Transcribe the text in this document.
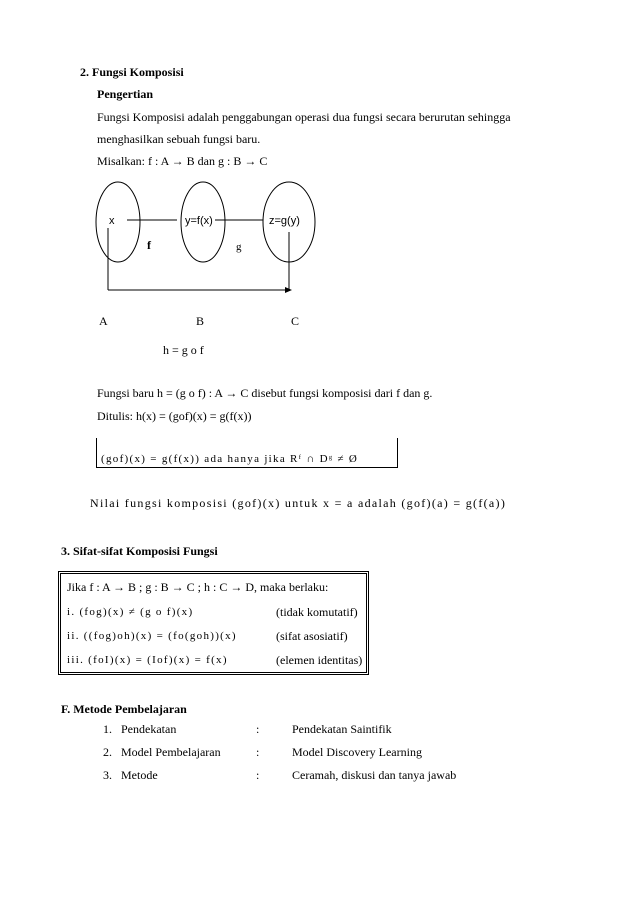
2. Fungsi Komposisi
Pengertian
Fungsi Komposisi adalah penggabungan operasi dua fungsi secara berurutan sehingga
menghasilkan sebuah fungsi baru.
Misalkan: f : A → B dan g : B → C
x	y=f(x)	z=g(y)
f	g
A	B	C
h = g o f
Fungsi baru h = (g o f) : A → C disebut fungsi komposisi dari f dan g.
Ditulis: h(x) = (gof)(x) = g(f(x))
(gof)(x) = g(f(x)) ada hanya jika Rᶠ ∩ Dᵍ ≠ Ø
Nilai fungsi komposisi (gof)(x) untuk x = a adalah (gof)(a) = g(f(a))
3. Sifat-sifat Komposisi Fungsi
Jika f : A → B ; g : B → C ; h : C → D, maka berlaku:
i. (fog)(x) ≠ (g o f)(x)	(tidak komutatif)
ii. ((fog)oh)(x) = (fo(goh))(x)	(sifat asosiatif)
iii. (foI)(x) = (Iof)(x) = f(x)	(elemen identitas)
F. Metode Pembelajaran
1. Pendekatan	:	Pendekatan Saintifik
2. Model Pembelajaran	:	Model Discovery Learning
3. Metode	:	Ceramah, diskusi dan tanya jawab
